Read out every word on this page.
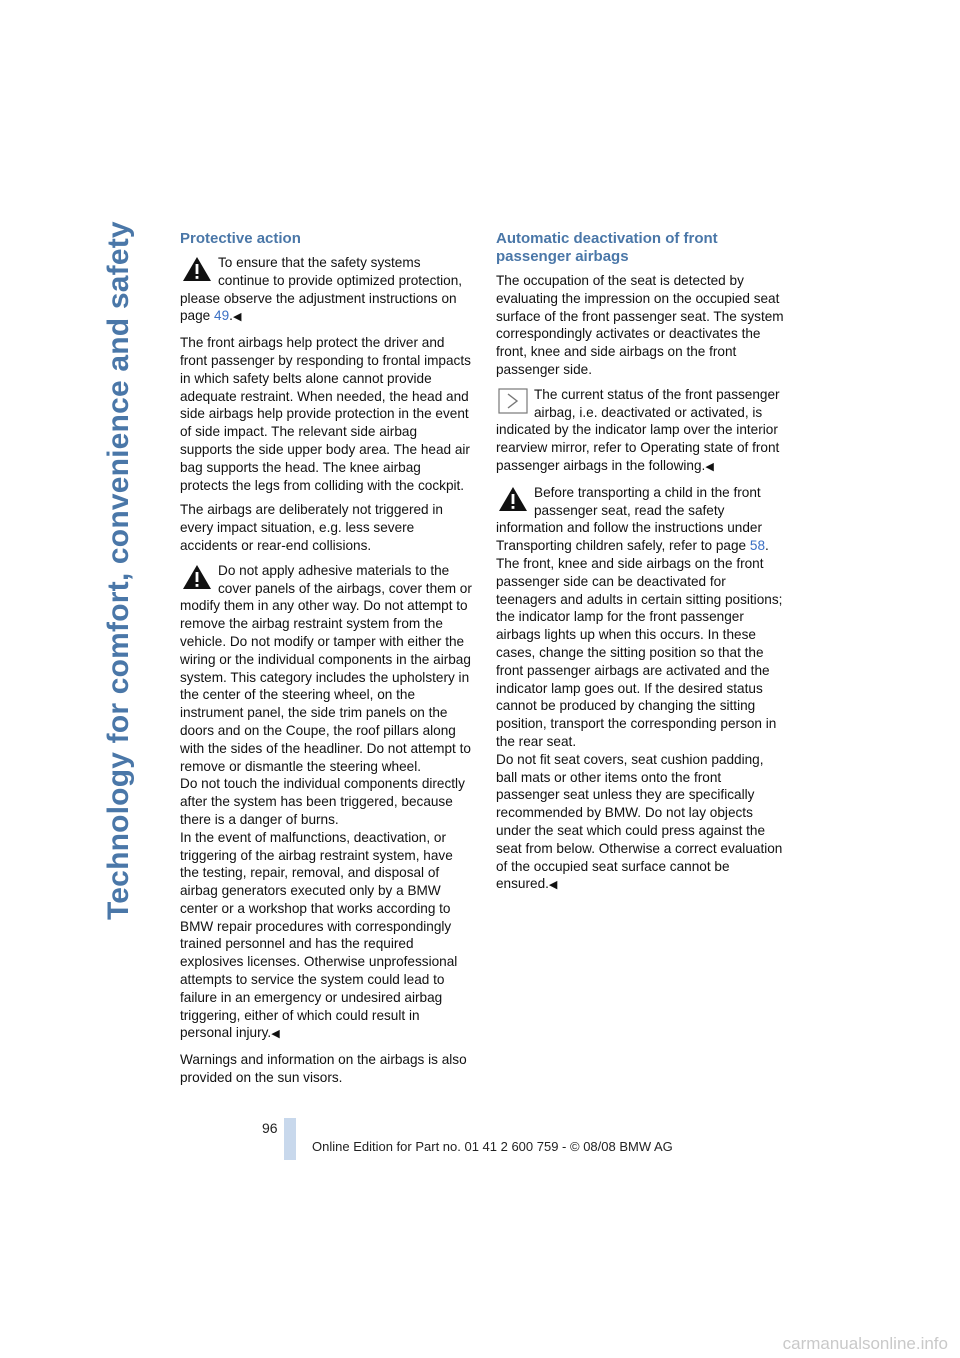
Technology for comfort, convenience and safety	Protective action
To ensure that the safety systems continue to provide optimized protection, please observe the adjustment instructions on page 49.◀

The front airbags help protect the driver and front passenger by responding to frontal impacts in which safety belts alone cannot provide adequate restraint. When needed, the head and side airbags help provide protection in the event of side impact. The relevant side airbag supports the side upper body area. The head air bag supports the head. The knee airbag protects the legs from colliding with the cockpit.

The airbags are deliberately not triggered in every impact situation, e.g. less severe accidents or rear-end collisions.

Do not apply adhesive materials to the cover panels of the airbags, cover them or modify them in any other way. Do not attempt to remove the airbag restraint system from the vehicle. Do not modify or tamper with either the wiring or the individual components in the airbag system. This category includes the upholstery in the center of the steering wheel, on the instrument panel, the side trim panels on the doors and on the Coupe, the roof pillars along with the sides of the headliner. Do not attempt to remove or dismantle the steering wheel.

Do not touch the individual components directly after the system has been triggered, because there is a danger of burns.

In the event of malfunctions, deactivation, or triggering of the airbag restraint system, have the testing, repair, removal, and disposal of airbag generators executed only by a BMW center or a workshop that works according to BMW repair procedures with correspondingly trained personnel and has the required explosives licenses. Otherwise unprofessional attempts to service the system could lead to failure in an emergency or undesired airbag triggering, either of which could result in personal injury.◀

Warnings and information on the airbags is also provided on the sun visors.

Automatic deactivation of front passenger airbags

The occupation of the seat is detected by evaluating the impression on the occupied seat surface of the front passenger seat. The system correspondingly activates or deactivates the front, knee and side airbags on the front passenger side.

The current status of the front passenger airbag, i.e. deactivated or activated, is indicated by the indicator lamp over the interior rearview mirror, refer to Operating state of front passenger airbags in the following.◀

Before transporting a child in the front passenger seat, read the safety information and follow the instructions under Transporting children safely, refer to page 58.

The front, knee and side airbags on the front passenger side can be deactivated for teenagers and adults in certain sitting positions; the indicator lamp for the front passenger airbags lights up when this occurs. In these cases, change the sitting position so that the front passenger airbags are activated and the indicator lamp goes out. If the desired status cannot be produced by changing the sitting position, transport the corresponding person in the rear seat.

Do not fit seat covers, seat cushion padding, ball mats or other items onto the front passenger seat unless they are specifically recommended by BMW. Do not lay objects under the seat which could press against the seat from below. Otherwise a correct evaluation of the occupied seat surface cannot be ensured.◀

96
Online Edition for Part no. 01 41 2 600 759 - © 08/08 BMW AG
carmanualsonline.info
